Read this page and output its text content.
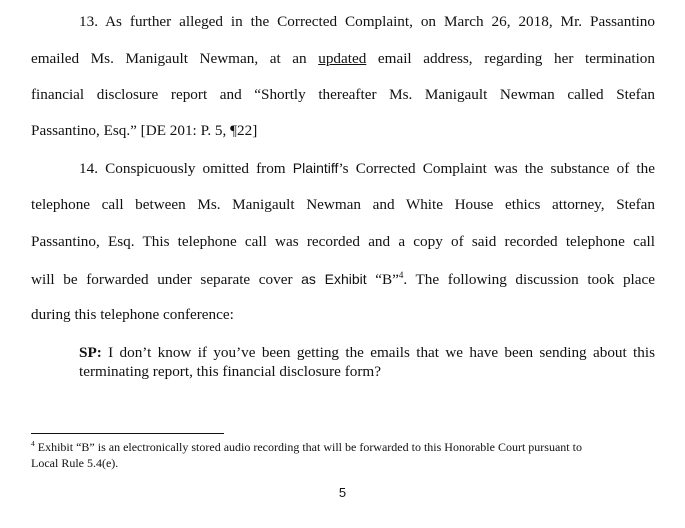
13. As further alleged in the Corrected Complaint, on March 26, 2018, Mr. Passantino
emailed Ms. Manigault Newman, at an updated email address, regarding her termination
financial disclosure report and “Shortly thereafter Ms. Manigault Newman called Stefan
Passantino, Esq.” [DE 201: P. 5, ¶22]
14. Conspicuously omitted from Plaintiff’s Corrected Complaint was the substance of the
telephone call between Ms. Manigault Newman and White House ethics attorney, Stefan
Passantino, Esq. This telephone call was recorded and a copy of said recorded telephone call
will be forwarded under separate cover as Exhibit “B”$^4$. The following discussion took place
during this telephone conference:
SP: I don’t know if you’ve been getting the emails that we have been sending about this
terminating report, this financial disclosure form?
$^4$ Exhibit “B” is an electronically stored audio recording that will be forwarded to this Honorable Court pursuant to
Local Rule 5.4(e).
5
